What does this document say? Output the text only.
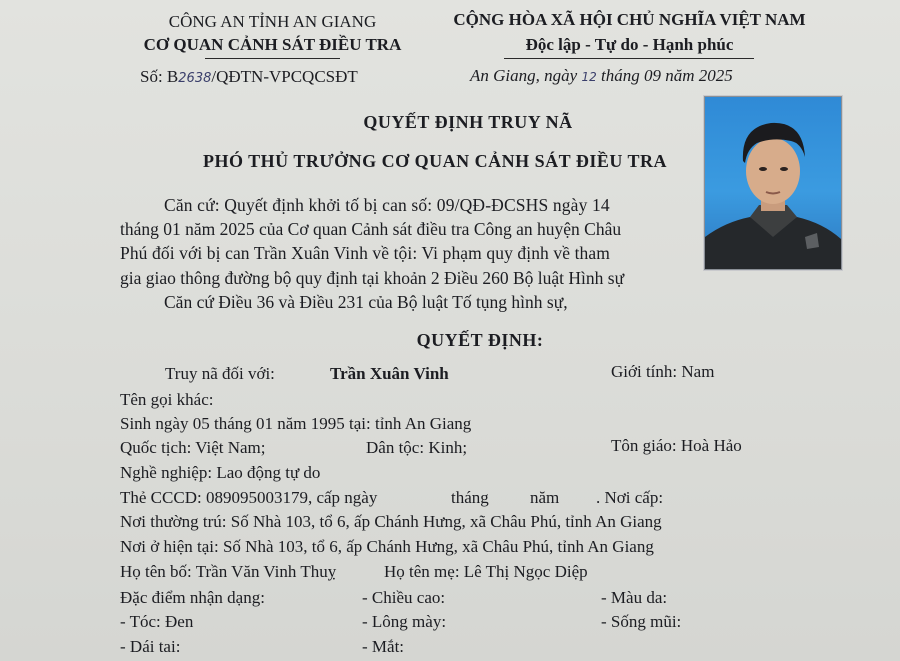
CÔNG AN TỈNH AN GIANG
CƠ QUAN CẢNH SÁT ĐIỀU TRA
CỘNG HÒA XÃ HỘI CHỦ NGHĨA VIỆT NAM
Độc lập - Tự do - Hạnh phúc
Số: B2638/QĐTN-VPCQCSĐT	An Giang, ngày 12 tháng 09 năm 2025
QUYẾT ĐỊNH TRUY NÃ
PHÓ THỦ TRƯỞNG CƠ QUAN CẢNH SÁT ĐIỀU TRA
Căn cứ: Quyết định khởi tố bị can số: 09/QĐ-ĐCSHS ngày 14
tháng 01 năm 2025 của Cơ quan Cảnh sát điều tra Công an huyện Châu
Phú đối với bị can Trần Xuân Vinh về tội: Vi phạm quy định về tham
gia giao thông đường bộ quy định tại khoản 2 Điều 260 Bộ luật Hình sự
Căn cứ Điều 36 và Điều 231 của Bộ luật Tố tụng hình sự,
QUYẾT ĐỊNH:
Truy nã đối với:	Trần Xuân Vinh	Giới tính: Nam
Tên gọi khác:
Sinh ngày 05 tháng 01 năm 1995 tại: tỉnh An Giang
Quốc tịch: Việt Nam;	Dân tộc: Kinh;	Tôn giáo: Hoà Hảo
Nghề nghiệp: Lao động tự do
Thẻ CCCD: 089095003179, cấp ngày	tháng năm . Nơi cấp:
Nơi thường trú: Số Nhà 103, tổ 6, ấp Chánh Hưng, xã Châu Phú, tỉnh An Giang
Nơi ở hiện tại: Số Nhà 103, tổ 6, ấp Chánh Hưng, xã Châu Phú, tỉnh An Giang
Họ tên bố: Trần Văn Vinh Thuỵ	Họ tên mẹ: Lê Thị Ngọc Diệp
Đặc điểm nhận dạng:	- Chiều cao:	- Màu da:
- Tóc: Đen	- Lông mày:	- Sống mũi:
- Dái tai:	- Mắt:
